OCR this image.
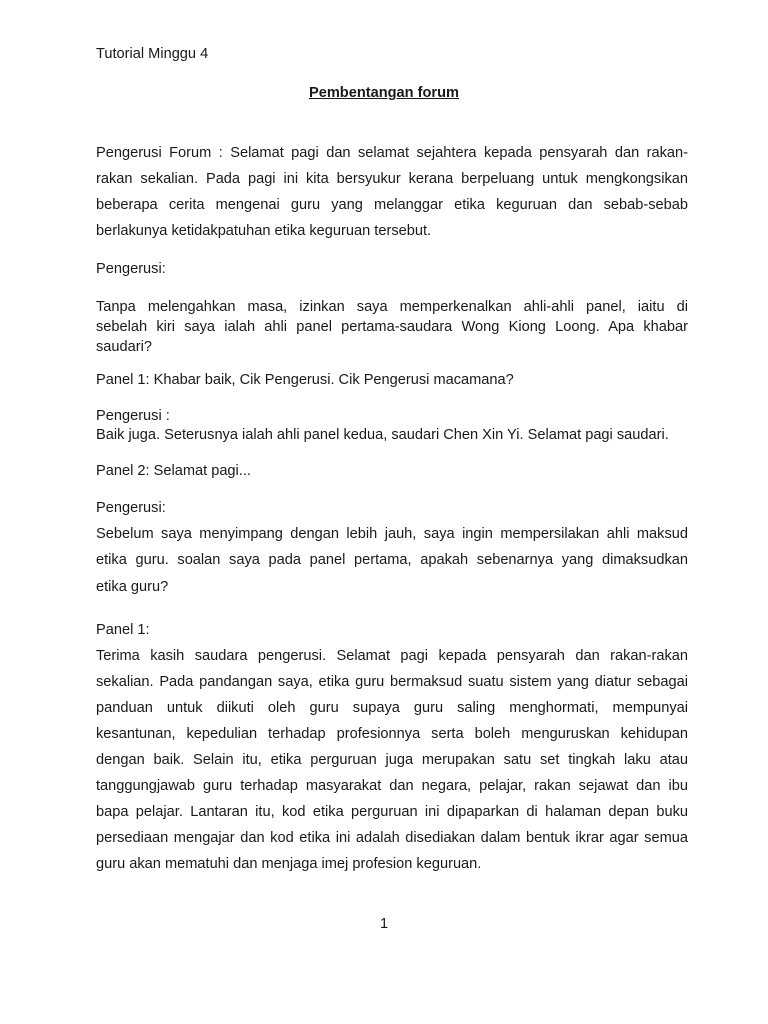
Tutorial Minggu 4
Pembentangan forum
Pengerusi Forum : Selamat pagi dan selamat sejahtera kepada pensyarah dan rakan-
rakan sekalian. Pada pagi ini kita bersyukur kerana berpeluang untuk mengkongsikan
beberapa cerita mengenai guru yang melanggar etika keguruan dan sebab-sebab
berlakunya ketidakpatuhan etika keguruan tersebut.
Pengerusi:
Tanpa melengahkan masa, izinkan saya memperkenalkan ahli-ahli panel, iaitu di
sebelah kiri saya ialah ahli panel pertama-saudara Wong Kiong Loong. Apa khabar
saudari?
Panel 1: Khabar baik, Cik Pengerusi. Cik Pengerusi macamana?
Pengerusi :
Baik juga. Seterusnya ialah ahli panel kedua, saudari Chen Xin Yi. Selamat pagi saudari.
Panel 2: Selamat pagi...
Pengerusi:
Sebelum saya menyimpang dengan lebih jauh, saya ingin mempersilakan ahli maksud
etika guru. soalan saya pada panel pertama, apakah sebenarnya yang dimaksudkan
etika guru?
Panel 1:
Terima kasih saudara pengerusi. Selamat pagi kepada pensyarah dan rakan-rakan
sekalian. Pada pandangan saya, etika guru bermaksud suatu sistem yang diatur sebagai
panduan untuk diikuti oleh guru supaya guru saling menghormati, mempunyai
kesantunan, kepedulian terhadap profesionnya serta boleh menguruskan kehidupan
dengan baik. Selain itu, etika perguruan juga merupakan satu set tingkah laku atau
tanggungjawab guru terhadap masyarakat dan negara, pelajar, rakan sejawat dan ibu
bapa pelajar. Lantaran itu, kod etika perguruan ini dipaparkan di halaman depan buku
persediaan mengajar dan kod etika ini adalah disediakan dalam bentuk ikrar agar semua
guru akan mematuhi dan menjaga imej profesion keguruan.
1
